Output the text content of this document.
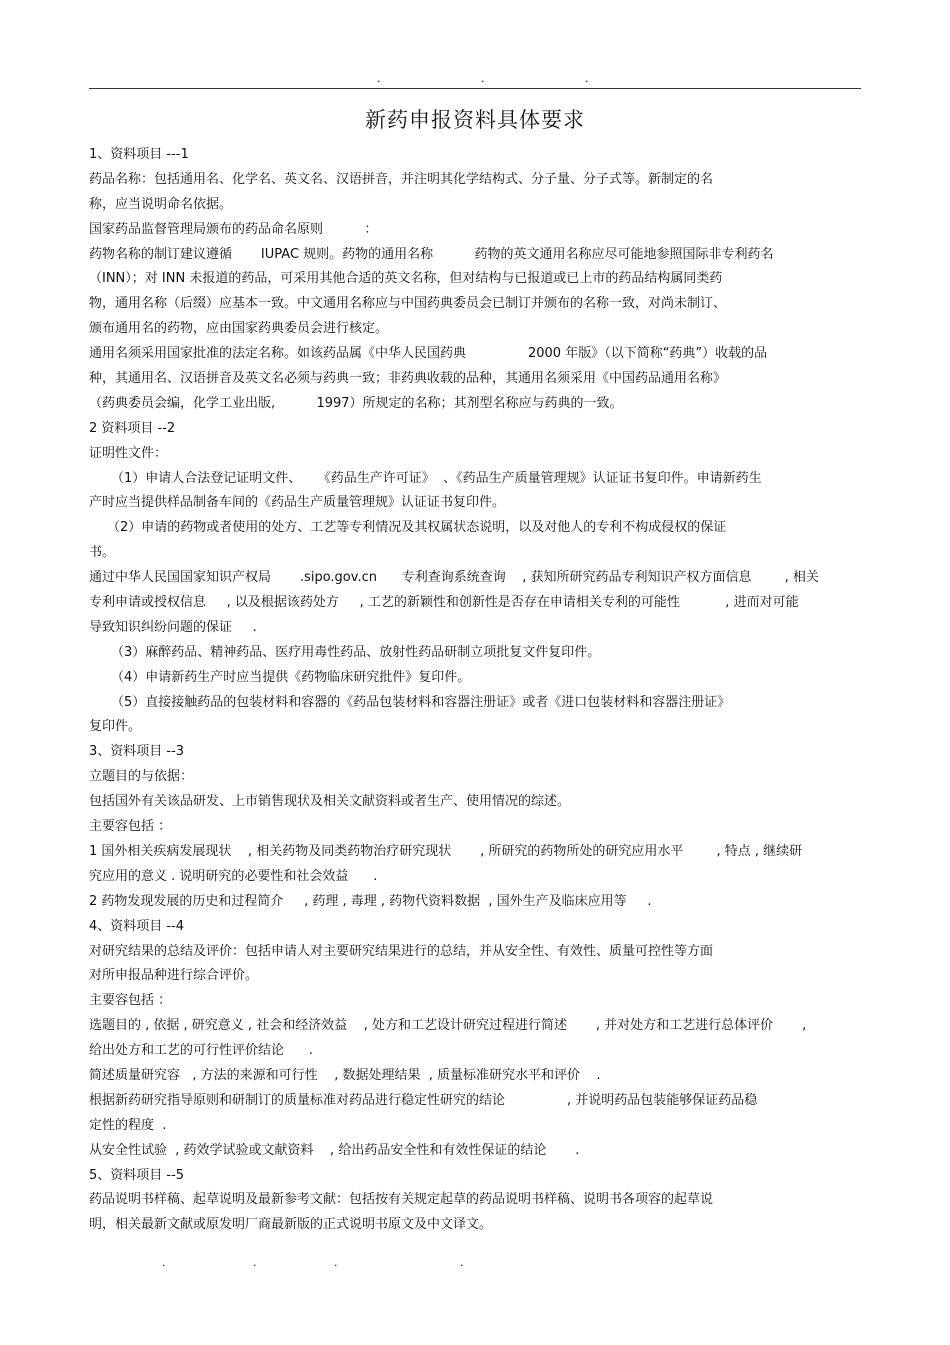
.	.	.
新药申报资料具体要求
1、资料项目 ---1
药品名称：包括通用名、化学名、英文名、汉语拼音，并注明其化学结构式、分子量、分子式等。新制定的名
称，应当说明命名依据。
国家药品监督管理局颁布的药品命名原则          ：
药物名称的制订建议遵循       IUPAC 规则。药物的通用名称          药物的英文通用名称应尽可能地参照国际非专利药名
（INN）；对 INN 未报道的药品，可采用其他合适的英文名称，但对结构与已报道或已上市的药品结构属同类药
物，通用名称（后缀）应基本一致。中文通用名称应与中国药典委员会已制订并颁布的名称一致，对尚未制订、
颁布通用名的药物，应由国家药典委员会进行核定。
通用名须采用国家批准的法定名称。如该药品属《中华人民国药典               2000 年版》（以下简称“药典”）收载的品
种，其通用名、汉语拼音及英文名必须与药典一致；非药典收载的品种，其通用名须采用《中国药品通用名称》
（药典委员会编，化学工业出版,          1997）所规定的名称；其剂型名称应与药典的一致。
2 资料项目 --2
证明性文件：
（1）申请人合法登记证明文件、    《药品生产许可证》  、《药品生产质量管理规》认证证书复印件。申请新药生
产时应当提供样品制备车间的《药品生产质量管理规》认证证书复印件。
（2）申请的药物或者使用的处方、工艺等专利情况及其权属状态说明，以及对他人的专利不构成侵权的保证
书。
通过中华人民国国家知识产权局       .sipo.gov.cn      专利查询系统查询    , 获知所研究药品专利知识产权方面信息        , 相关
专利申请或授权信息     , 以及根据该药处方     , 工艺的新颖性和创新性是否存在申请相关专利的可能性           , 进而对可能
导致知识纠纷问题的保证     .
（3）麻醉药品、精神药品、医疗用毒性药品、放射性药品研制立项批复文件复印件。
（4）申请新药生产时应当提供《药物临床研究批件》复印件。
（5）直接接触药品的包装材料和容器的《药品包装材料和容器注册证》或者《进口包装材料和容器注册证》
复印件。
3、资料项目 --3
立题目的与依据：
包括国外有关该品研发、上市销售现状及相关文献资料或者生产、使用情况的综述。
主要容包括 ：
1 国外相关疾病发展现状    , 相关药物及同类药物治疗研究现状       , 所研究的药物所处的研究应用水平        , 特点 , 继续研
究应用的意义 . 说明研究的必要性和社会效益      .
2 药物发现发展的历史和过程简介     , 药理 , 毒理 , 药物代资料数据  , 国外生产及临床应用等     .
4、资料项目 --4
对研究结果的总结及评价：包括申请人对主要研究结果进行的总结，并从安全性、有效性、质量可控性等方面
对所申报品种进行综合评价。
主要容包括 ：
选题目的 , 依据 , 研究意义 , 社会和经济效益    , 处方和工艺设计研究过程进行简述       , 并对处方和工艺进行总体评价       ,
给出处方和工艺的可行性评价结论      .
简述质量研究容   , 方法的来源和可行性    , 数据处理结果  , 质量标准研究水平和评价    .
根据新药研究指导原则和研制订的质量标准对药品进行稳定性研究的结论               , 并说明药品包装能够保证药品稳
定性的程度  .
从安全性试验  , 药效学试验或文献资料    , 给出药品安全性和有效性保证的结论       .
5、资料项目 --5
药品说明书样稿、起草说明及最新参考文献：包括按有关规定起草的药品说明书样稿、说明书各项容的起草说
明，相关最新文献或原发明厂商最新版的正式说明书原文及中文译文。
.	.	.	.
